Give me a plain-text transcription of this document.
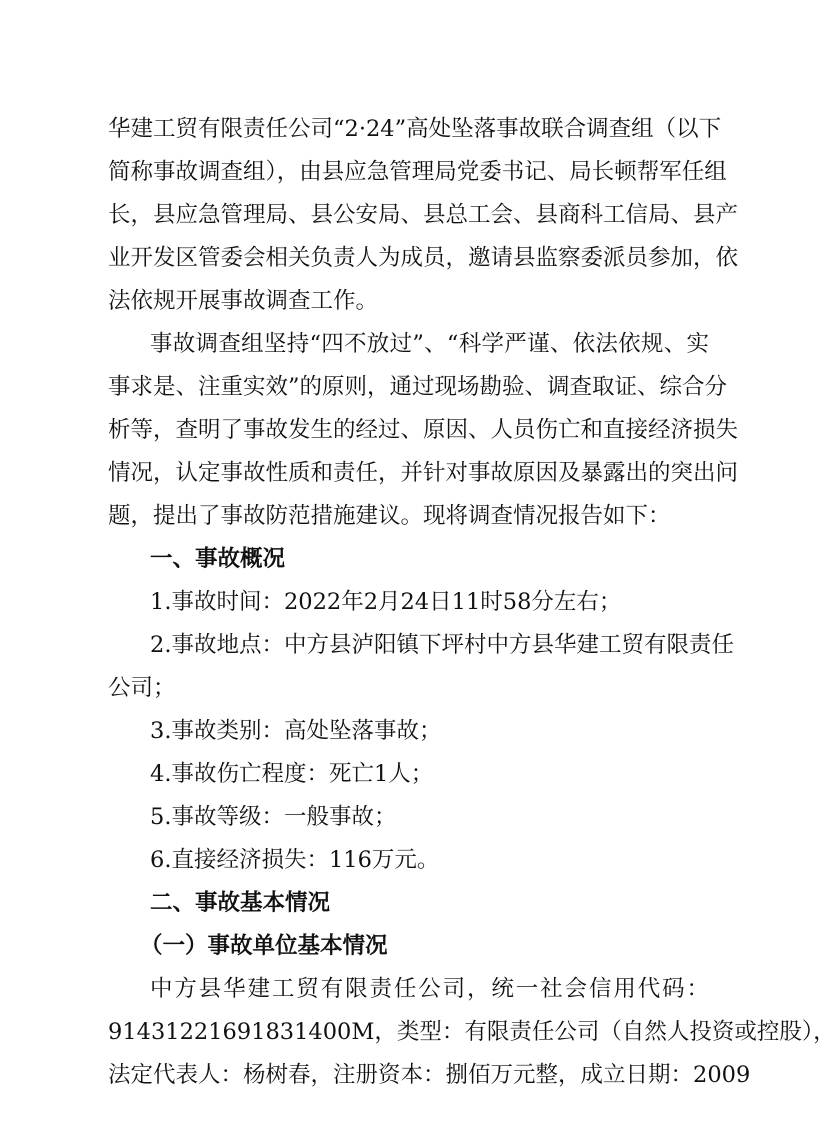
华建工贸有限责任公司“2·24”高处坠落事故联合调查组（以下
简称事故调查组），由县应急管理局党委书记、局长顿帮军任组
长，县应急管理局、县公安局、县总工会、县商科工信局、县产
业开发区管委会相关负责人为成员，邀请县监察委派员参加，依
法依规开展事故调查工作。
事故调查组坚持“四不放过”、“科学严谨、依法依规、实
事求是、注重实效”的原则，通过现场勘验、调查取证、综合分
析等，查明了事故发生的经过、原因、人员伤亡和直接经济损失
情况，认定事故性质和责任，并针对事故原因及暴露出的突出问
题，提出了事故防范措施建议。现将调查情况报告如下：
一、事故概况
1.事故时间：2022年2月24日11时58分左右；
2.事故地点：中方县泸阳镇下坪村中方县华建工贸有限责任
公司；
3.事故类别：高处坠落事故；
4.事故伤亡程度：死亡1人；
5.事故等级：一般事故；
6.直接经济损失：116万元。
二、事故基本情况
（一）事故单位基本情况
中方县华建工贸有限责任公司，统一社会信用代码：
91431221691831400M，类型：有限责任公司（自然人投资或控股），
法定代表人：杨树春，注册资本：捌佰万元整，成立日期：2009
